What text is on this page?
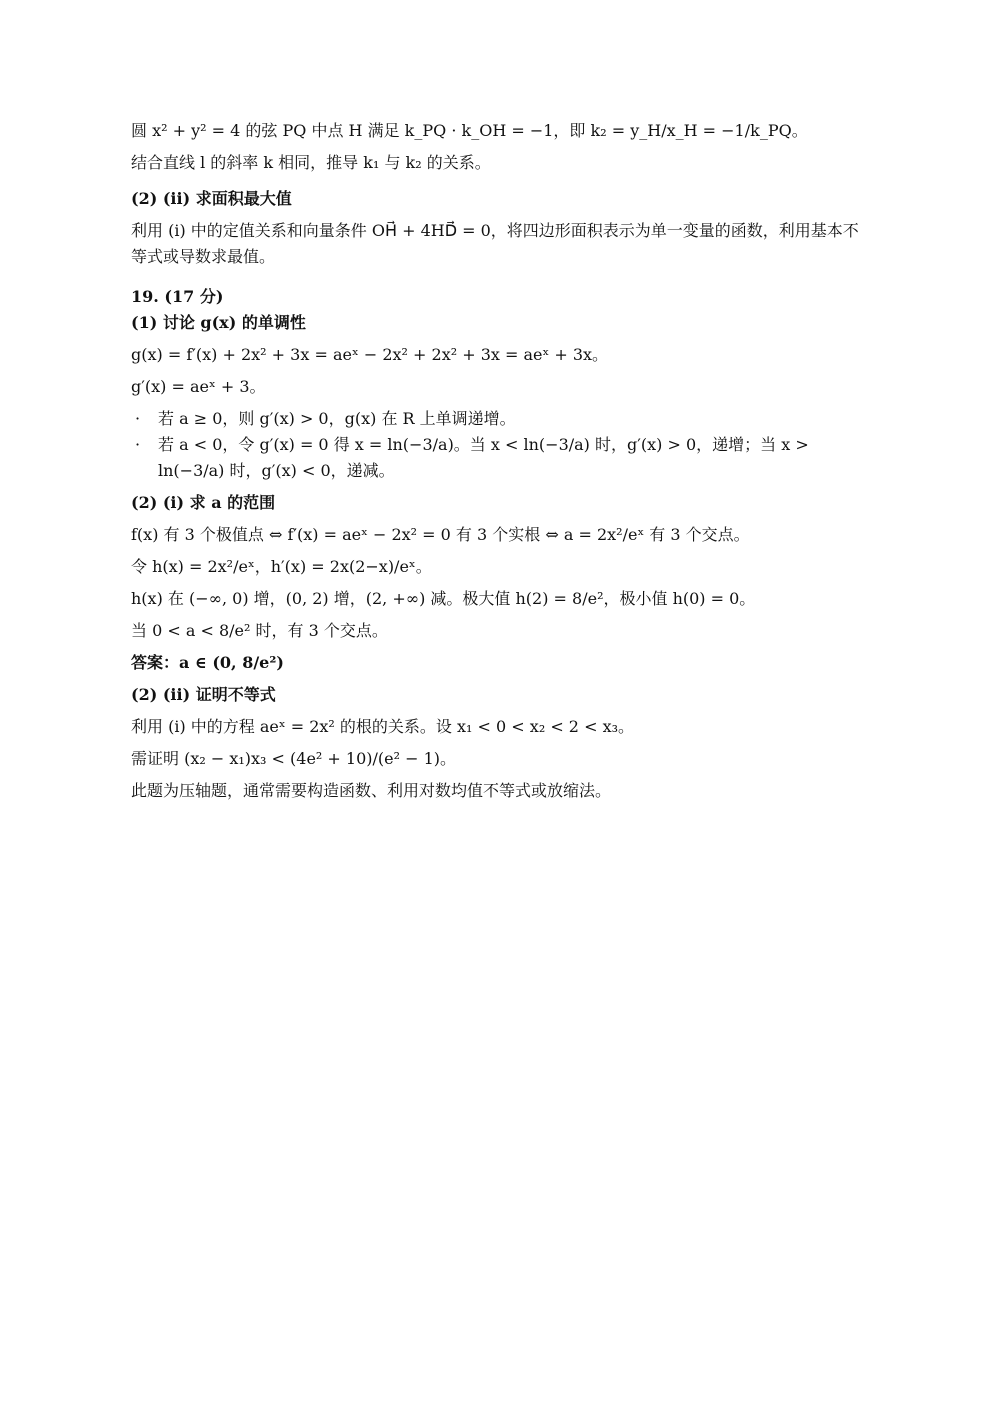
圆 x² + y² = 4 的弦 PQ 中点 H 满足 k_PQ · k_OH = −1，即 k₂ = y_H/x_H = −1/k_PQ。
结合直线 l 的斜率 k 相同，推导 k₁ 与 k₂ 的关系。
(2) (ii) 求面积最大值
利用 (i) 中的定值关系和向量条件 OH⃗ + 4HD⃗ = 0，将四边形面积表示为单一变量的函数，利用基本不等式或导数求最值。
19. (17 分)
(1) 讨论 g(x) 的单调性
g(x) = f′(x) + 2x² + 3x = aeˣ − 2x² + 2x² + 3x = aeˣ + 3x。
g′(x) = aeˣ + 3。
· 若 a ≥ 0，则 g′(x) > 0，g(x) 在 R 上单调递增。
· 若 a < 0，令 g′(x) = 0 得 x = ln(−3/a)。当 x < ln(−3/a) 时，g′(x) > 0，递增；当 x > ln(−3/a) 时，g′(x) < 0，递减。
(2) (i) 求 a 的范围
f(x) 有 3 个极值点 ⇔ f′(x) = aeˣ − 2x² = 0 有 3 个实根 ⇔ a = 2x²/eˣ 有 3 个交点。
令 h(x) = 2x²/eˣ，h′(x) = 2x(2−x)/eˣ。
h(x) 在 (−∞, 0) 增，(0, 2) 增，(2, +∞) 减。极大值 h(2) = 8/e²，极小值 h(0) = 0。
当 0 < a < 8/e² 时，有 3 个交点。
答案：a ∈ (0, 8/e²)
(2) (ii) 证明不等式
利用 (i) 中的方程 aeˣ = 2x² 的根的关系。设 x₁ < 0 < x₂ < 2 < x₃。
需证明 (x₂ − x₁)x₃ < (4e² + 10)/(e² − 1)。
此题为压轴题，通常需要构造函数、利用对数均值不等式或放缩法。
